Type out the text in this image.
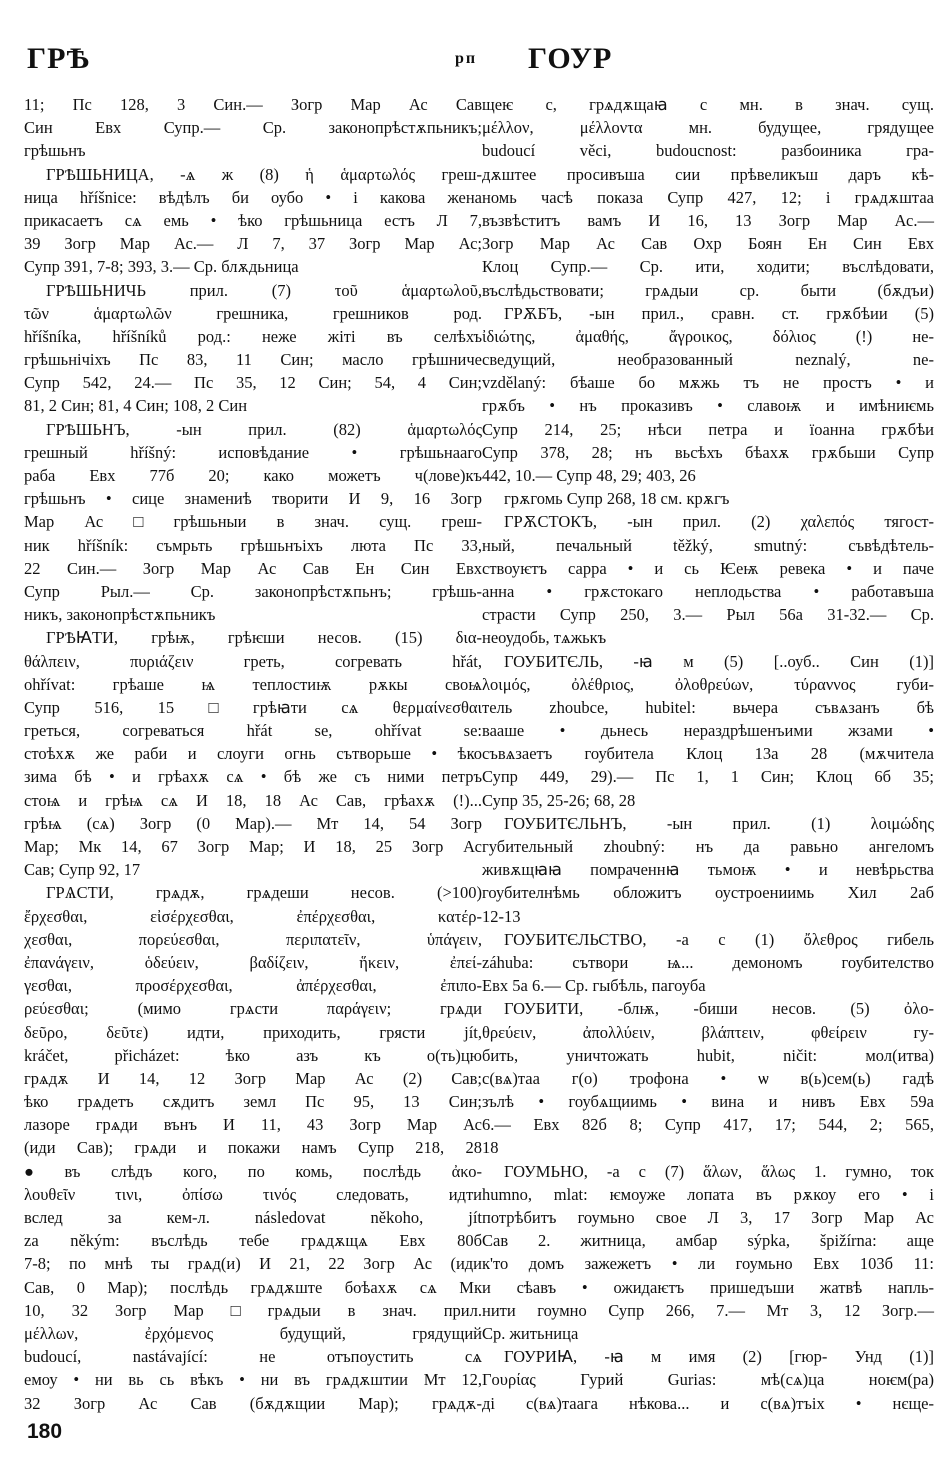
ГРѢ	рп ГОУР
11; Пс 128, 3 Син.— Зогр Мар Ас Сав
Син Евх Супр.— Ср. законопрѣстѫпьникъ;
грѣшьнъ
ГРѢШЬНИЦА, -ѧ ж (8) ἡ ἁμαρτωλός греш-
ница hříšnice: вѣдѣлъ би оубо • і какова жена
прикасаетъ сѧ емь • ѣко грѣшьница естъ Л 7,
39 Зогр Мар Ас.— Л 7, 37 Зогр Мар Ас;
Супр 391, 7-8; 393, 3.— Ср. блѫдьница
ГРѢШЬНИЧЬ прил. (7) τοῦ ἁμαρτωλοῦ,
τῶν ἁμαρτωλῶν грешника, грешников род.
hříšníka, hříšníků род.: неже жіті въ селѣхъ
грѣшьнічіхъ Пс 83, 11 Син; масло грѣшниче
Супр 542, 24.— Пс 35, 12 Син; 54, 4 Син;
81, 2 Син; 81, 4 Син; 108, 2 Син
ГРѢШЬНЪ, -ын прил. (82) ἁμαρτωλός
грешный hříšný: исповѣдание • грѣшьнааго
раба Евх 77б 20; како можетъ ч(лове)къ
грѣшьнъ • сице знамениѣ творити И 9, 16 Зогр
Мар Ас □ грѣшьныи в знач. сущ. греш-
ник hříšník: съмрьть грѣшьнъіхъ люта Пс 33,
22 Син.— Зогр Мар Ас Сав Ен Син Евх
Супр Рыл.— Ср. законопрѣстѫпьнъ; грѣшь-
никъ, законопрѣстѫпьникъ
ГРѢꙖТИ, грѣѭ, грѣѥши несов. (15) δια-
θάλπειν, πυριάζειν греть, согревать hřát,
ohřívat: грѣаше ѩ теплостиѭ рѫкы своѩ
Супр 516, 15 □ грѣꙗти сѧ θερμαίνεσθαι
греться, согреваться hřát se, ohřívat se:
стоѣхѫ же раби и слоуги огнь сътворьше • ѣко
зима бѣ • и грѣахѫ сѧ • бѣ же съ ними петръ
стоѩ и грѣѩ сѧ И 18, 18 Ас Сав, грѣахѫ (!)...
грѣѩ (сѧ) Зогр (0 Мар).— Мт 14, 54 Зогр
Мар; Мк 14, 67 Зогр Мар; И 18, 25 Зогр Ас
Сав; Супр 92, 17
ГРѦСТИ, грѧдѫ, грѧдеши несов. (>100)
ἔρχεσθαι, εἰσέρχεσθαι, ἐπέρχεσθαι, κατέρ-
χεσθαι, πορεύεσθαι, περιπατεῖν, ὑπάγειν,
ἐπανάγειν, ὁδεύειν, βαδίζειν, ἥκειν, ἐπεί-
γεσθαι, προσέρχεσθαι, ἀπέρχεσθαι, ἐπιπο-
ρεύεσθαι; (мимо грѧсти παράγειν; грѧди
δεῦρο, δεῦτε) идти, приходить, грясти jít,
kráčet, přicházet: ѣко азъ къ о(ть)цю
грѧдѫ И 14, 12 Зогр Мар Ас (2) Сав;
ѣко грѧдетъ сѫдитъ земл Пс 95, 13 Син;
лазоре грѧди вънъ И 11, 43 Зогр Мар Ас
(иди Сав); грѧди и покажи намъ Супр 218, 28
● въ слѣдъ кого, по комь, послѣдь ἀκο-
λουθεῖν τινι, ὀπίσω τινός следовать, идти
вслед за кем-л. následovat někoho, jít
za někým: въслѣдь тебе грѧдѫщѧ Евх 80б
7-8; по мнѣ ты грѧд(и) И 21, 22 Зогр Ас (иди
Сав, 0 Мар); послѣдь грѧдѫште боѣахѫ сѧ Мк
10, 32 Зогр Мар □ грѧдыи в знач. прил.
μέλλων, ἐρχόμενος будущий, грядущий
budoucí, nastávající: не отъпоустить сѧ
емоу • ни вь сь вѣкъ • ни въ грѧдѫштии Мт 12,
32 Зогр Ас Сав (бѫдѫщии Мар); грѧдѫ-
щеѥ с, грѧдѫщаꙗ с мн. в знач. сущ.
μέλλον, μέλλοντα мн. будущее, грядущее
budoucí věci, budoucnost: разбоиника гра-
дѫштее просивъша сии прѣвеликъш даръ кѣ-
номь часѣ показа Супр 427, 12; і грѧдѫштаа
възвѣститъ вамъ И 16, 13 Зогр Мар Ас.—
Зогр Мар Ас Сав Охр Боян Ен Син Евх
Клоц Супр.— Ср. ити, ходити; въслѣдовати,
въслѣдьствовати; грѧдыи ср. быти (бѫдъи)
ГРѪБЪ, -ын прил., сравн. ст. грѫбѣии (5)
ἰδιώτης, ἀμαθής, ἄγροικος, δόλιος (!) не-
сведущий, необразованный neznalý, ne-
vzdělaný: бѣаше бо мѫжь тъ не простъ • и
грѫбъ • нъ проказивъ • славоѭ и имѣниѥмь
Супр 214, 25; нѣси петра и їоанна грѫбѣи
Супр 378, 28; нъ вьсѣхъ бѣахѫ грѫбьши Супр
442, 10.— Супр 48, 29; 403, 26
грѫгомь Супр 268, 18 см. крѫгъ
ГРѪСТОКЪ, -ын прил. (2) χαλεπός тягост-
ный, печальный těžký, smutný: съвѣдѣтель-
ствоуѥтъ сарра • и сь Ѥеѭ ревека • и паче
анна • грѫстокаго неплодьства • работавъша
страсти Супр 250, 3.— Рыл 56а 31-32.— Ср.
неоудобь, тѧжькъ
ГОУБИТЄЛЬ, -ꙗ м (5) [..оуб.. Син (1)]
λοιμός, ὀλέθριος, ὀλοθρεύων, τύραννος губи-
тель zhoubce, hubitel: вьчера съвѧзанъ бѣ
вааше • дьнесь нераздрѣшенъими жзами •
съвѧзаетъ гоубитела Клоц 13а 28 (мѫчитела
Супр 449, 29).— Пс 1, 1 Син; Клоц 6б 35;
Супр 35, 25-26; 68, 28
ГОУБИТЄЛЬНЪ, -ын прил. (1) λοιμώδης
губительный zhoubný: нъ да равьно ангеломъ
живѫщꙗꙗ помраченнꙗ тьмоѭ • и невѣрьства
гоубителнѣмь обложитъ оустроениимь Хил 2аб
12-13
ГОУБИТЄЛЬСТВО, -а с (1) ὄλεθρος гибель
záhuba: сътвори ѩ... демономъ гоубителство
Евх 5а 6.— Ср. гыбѣль, пагоуба
ГОУБИТИ, -блѭ, -биши несов. (5) ὀλο-
θρεύειν, ἀπολλύειν, βλάπτειν, φθείρειν гу-
бить, уничтожать hubit, ničit: мол(итва)
с(вѧ)таа г(о) трофона • ѡ в(ь)сем(ь) гадѣ
зълѣ • гоубѧщиимь • вина и нивъ Евх 59а
6.— Евх 82б 8; Супр 417, 17; 544, 2; 565,
18
ГОУМЬНО, -а с (7) ἅλων, ἅλως 1. гумно, ток
humno, mlat: ѥмоуже лопата въ рѫкоу его • і
потрѣбитъ гоумьно свое Л 3, 17 Зогр Мар Ас
Сав 2. житница, амбар sýpka, špižírna: аще
к'то домъ зажежетъ • ли гоумьно Евх 103б 11:
и сѣавъ • ожидаѥтъ пришедъши жатвѣ напль-
нити гоумно Супр 266, 7.— Мт 3, 12 Зогр.—
Ср. житьница
ГОУРИꙖ, -ꙗ м имя (2) [гюр- Унд (1)]
Γουρίας Гурий Gurias: мѣ(сѧ)ца ноѥм(ра)
ді с(вѧ)таага нѣкова... и с(вѧ)тъіх • нєще-
180
